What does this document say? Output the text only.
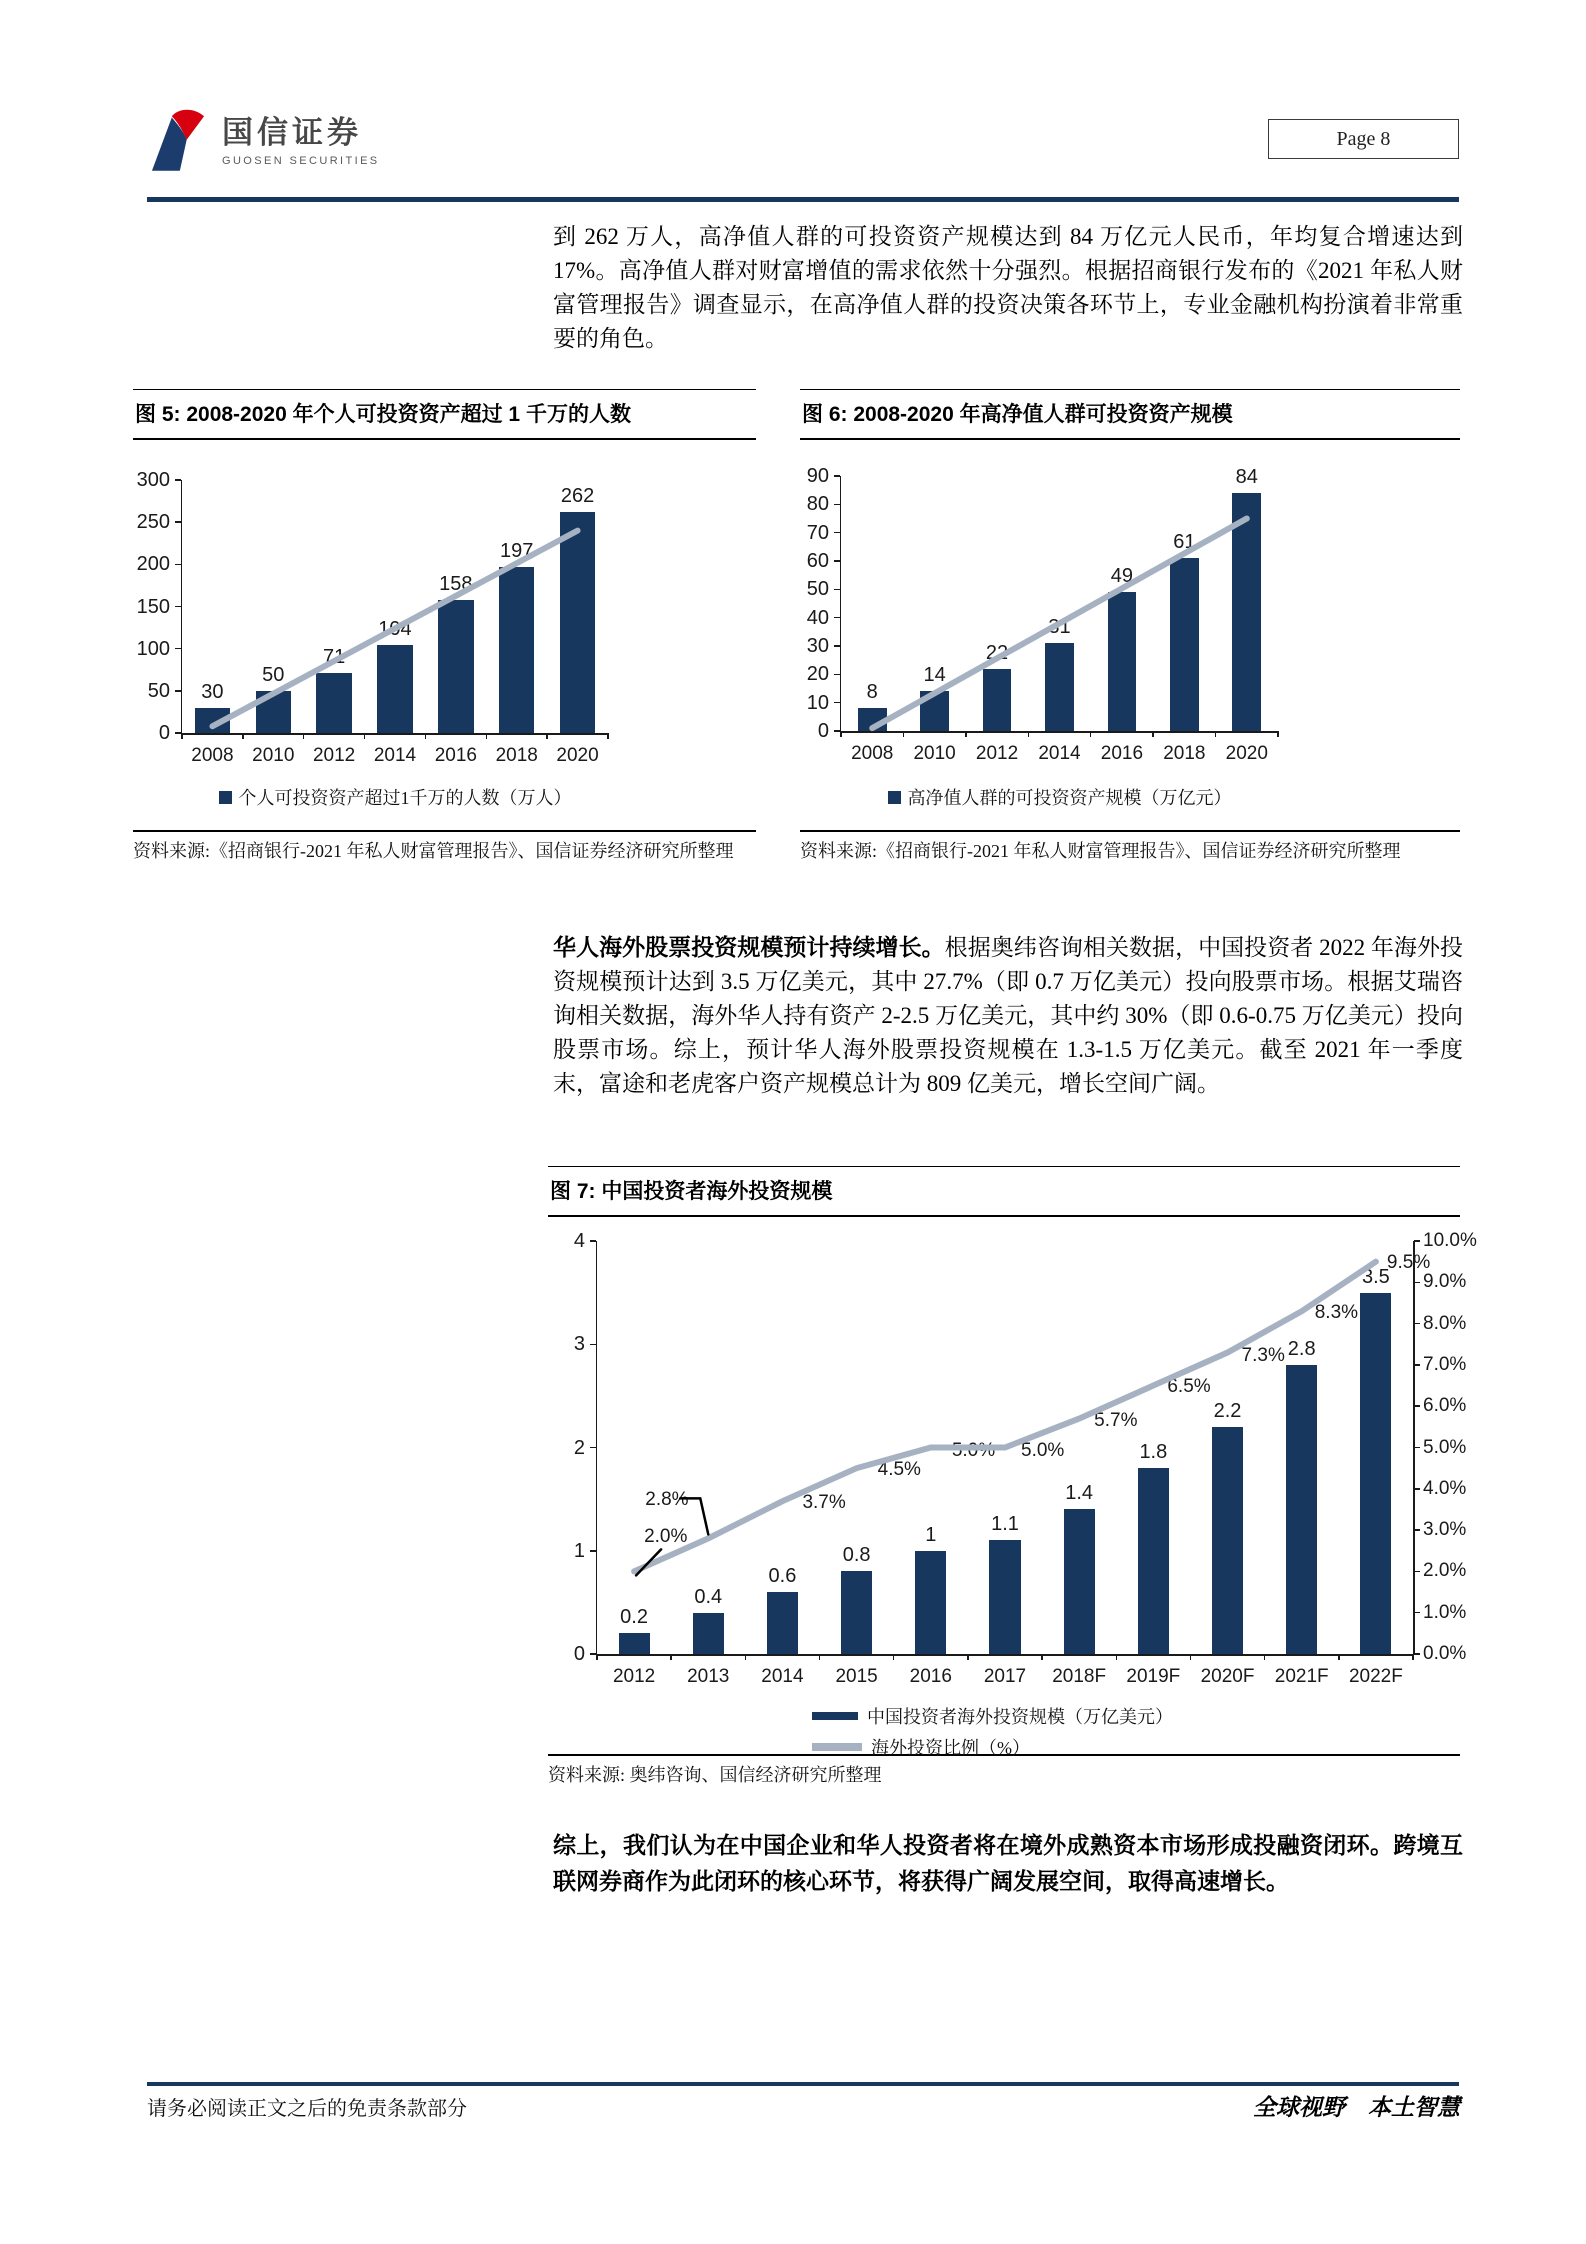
国信证券
GUOSEN SECURITIES
Page 8

到 262 万人，高净值人群的可投资资产规模达到 84 万亿元人民币，年均复合增速达到 17%。高净值人群对财富增值的需求依然十分强烈。根据招商银行发布的《2021 年私人财富管理报告》调查显示，在高净值人群的投资决策各环节上，专业金融机构扮演着非常重要的角色。

图 5: 2008-2020 年个人可投资资产超过 1 千万的人数
0
50
100
150
200
250
300
30
2008
50
2010
71
2012
104
2014
158
2016
197
2018
262
2020
个人可投资资产超过1千万的人数（万人）
资料来源:《招商银行-2021 年私人财富管理报告》、国信证券经济研究所整理
图 6: 2008-2020 年高净值人群可投资资产规模
0
10
20
30
40
50
60
70
80
90
8
2008
14
2010
22
2012
31
2014
49
2016
61
2018
84
2020
高净值人群的可投资资产规模（万亿元）
资料来源:《招商银行-2021 年私人财富管理报告》、国信证券经济研究所整理

华人海外股票投资规模预计持续增长。根据奥纬咨询相关数据，中国投资者 2022 年海外投资规模预计达到 3.5 万亿美元，其中 27.7%（即 0.7 万亿美元）投向股票市场。根据艾瑞咨询相关数据，海外华人持有资产 2-2.5 万亿美元，其中约 30%（即 0.6-0.75 万亿美元）投向股票市场。综上，预计华人海外股票投资规模在 1.3-1.5 万亿美元。截至 2021 年一季度末，富途和老虎客户资产规模总计为 809 亿美元，增长空间广阔。

图 7: 中国投资者海外投资规模
0
1
2
3
4
0.0%
1.0%
2.0%
3.0%
4.0%
5.0%
6.0%
7.0%
8.0%
9.0%
10.0%
0.2
2012
0.4
2013
0.6
2014
0.8
2015
1
2016
1.1
2017
1.4
2018F
1.8
2019F
2.2
2020F
2.8
2021F
3.5
2022F
2.0%
2.8%	3.7%
4.5%
5.0% 5.0%
5.7%
6.5%
7.3%
8.3%
9.5%
中国投资者海外投资规模（万亿美元）
海外投资比例（%）
资料来源: 奥纬咨询、国信经济研究所整理

综上，我们认为在中国企业和华人投资者将在境外成熟资本市场形成投融资闭环。跨境互联网券商作为此闭环的核心环节，将获得广阔发展空间，取得高速增长。

请务必阅读正文之后的免责条款部分	全球视野　本土智慧
